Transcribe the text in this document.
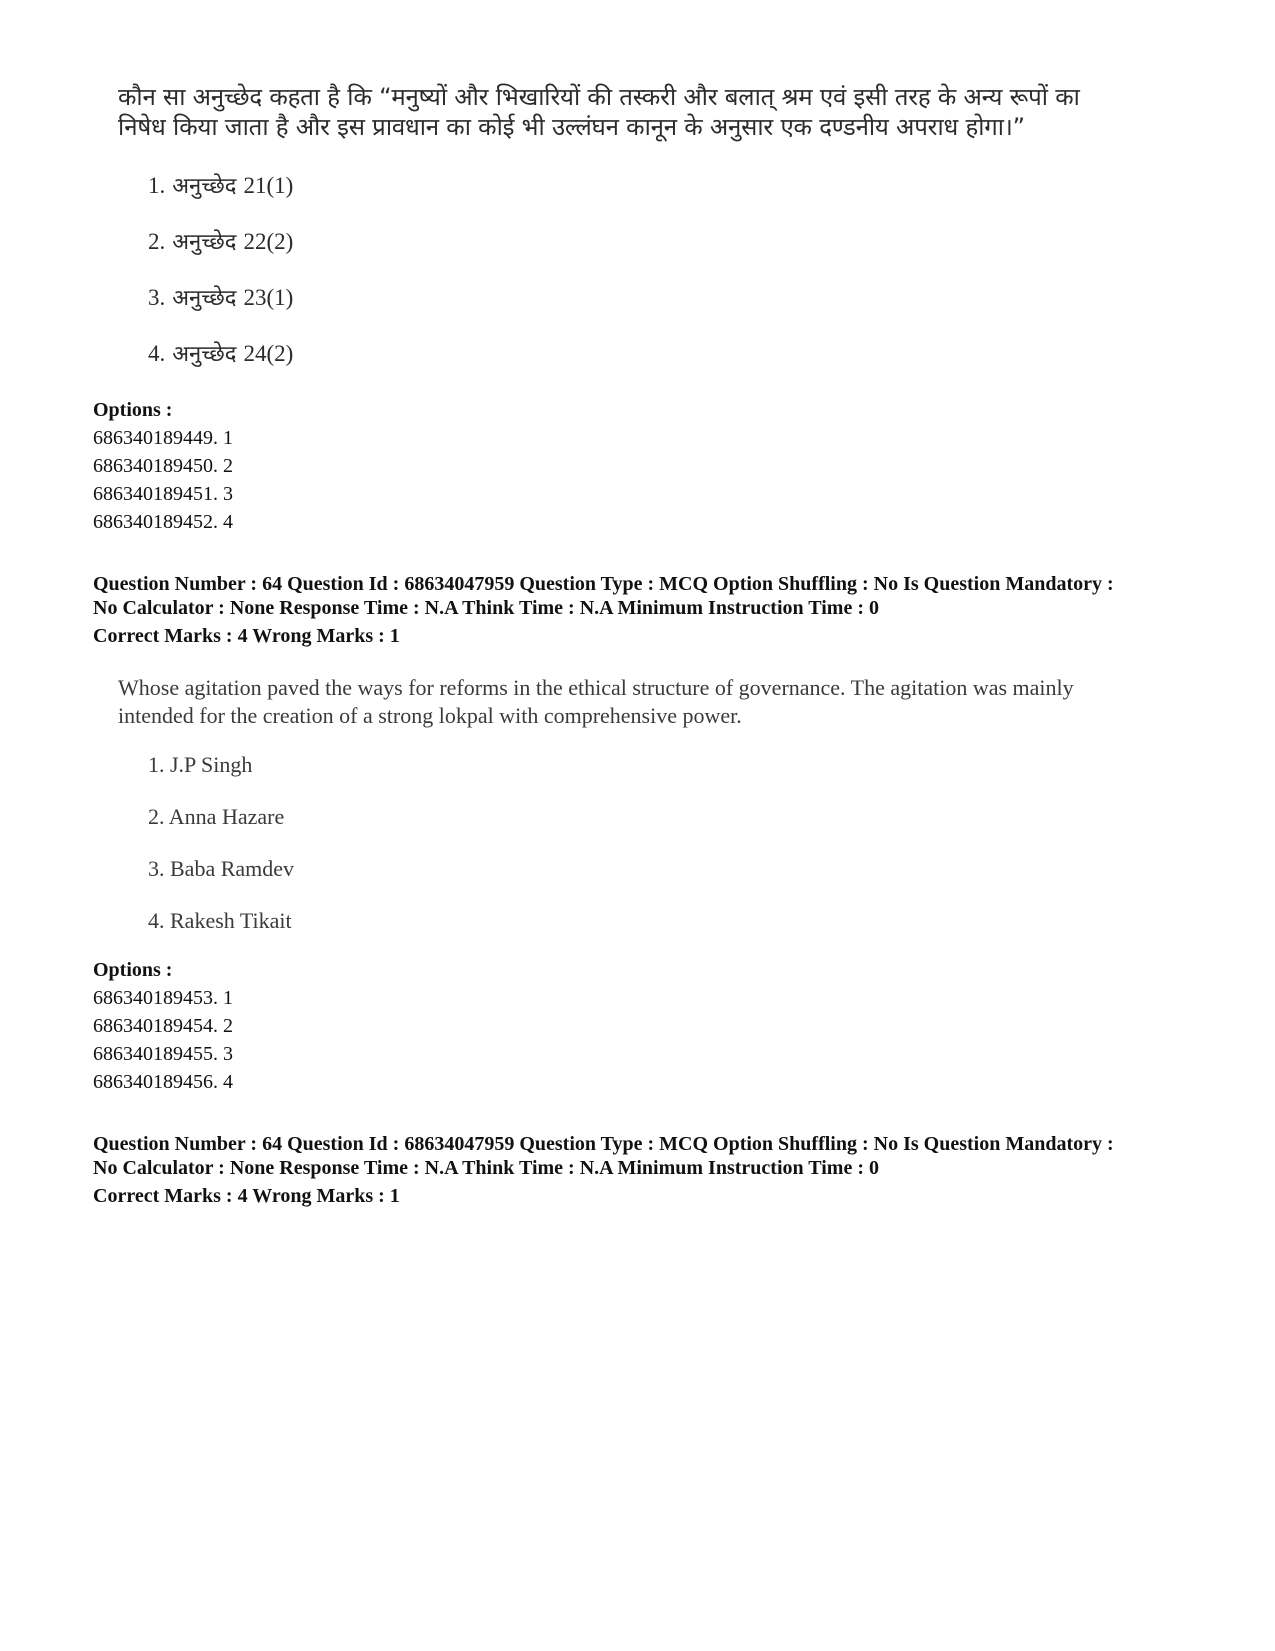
कौन सा अनुच्छेद कहता है कि “मनुष्यों और भिखारियों की तस्करी और बलात् श्रम एवं इसी तरह के अन्य रूपों का

निषेध किया जाता है और इस प्रावधान का कोई भी उल्लंघन कानून के अनुसार एक दण्डनीय अपराध होगा।”

1. अनुच्छेद 21(1)
2. अनुच्छेद 22(2)
3. अनुच्छेद 23(1)
4. अनुच्छेद 24(2)
Options :
686340189449. 1
686340189450. 2
686340189451. 3
686340189452. 4
Question Number : 64 Question Id : 68634047959 Question Type : MCQ Option Shuffling : No Is Question Mandatory :
No Calculator : None Response Time : N.A Think Time : N.A Minimum Instruction Time : 0
Correct Marks : 4 Wrong Marks : 1

Whose agitation paved the ways for reforms in the ethical structure of governance. The agitation was mainly

intended for the creation of a strong lokpal with comprehensive power.

1. J.P Singh
2. Anna Hazare
3. Baba Ramdev
4. Rakesh Tikait
Options :
686340189453. 1
686340189454. 2
686340189455. 3
686340189456. 4
Question Number : 64 Question Id : 68634047959 Question Type : MCQ Option Shuffling : No Is Question Mandatory :
No Calculator : None Response Time : N.A Think Time : N.A Minimum Instruction Time : 0
Correct Marks : 4 Wrong Marks : 1
